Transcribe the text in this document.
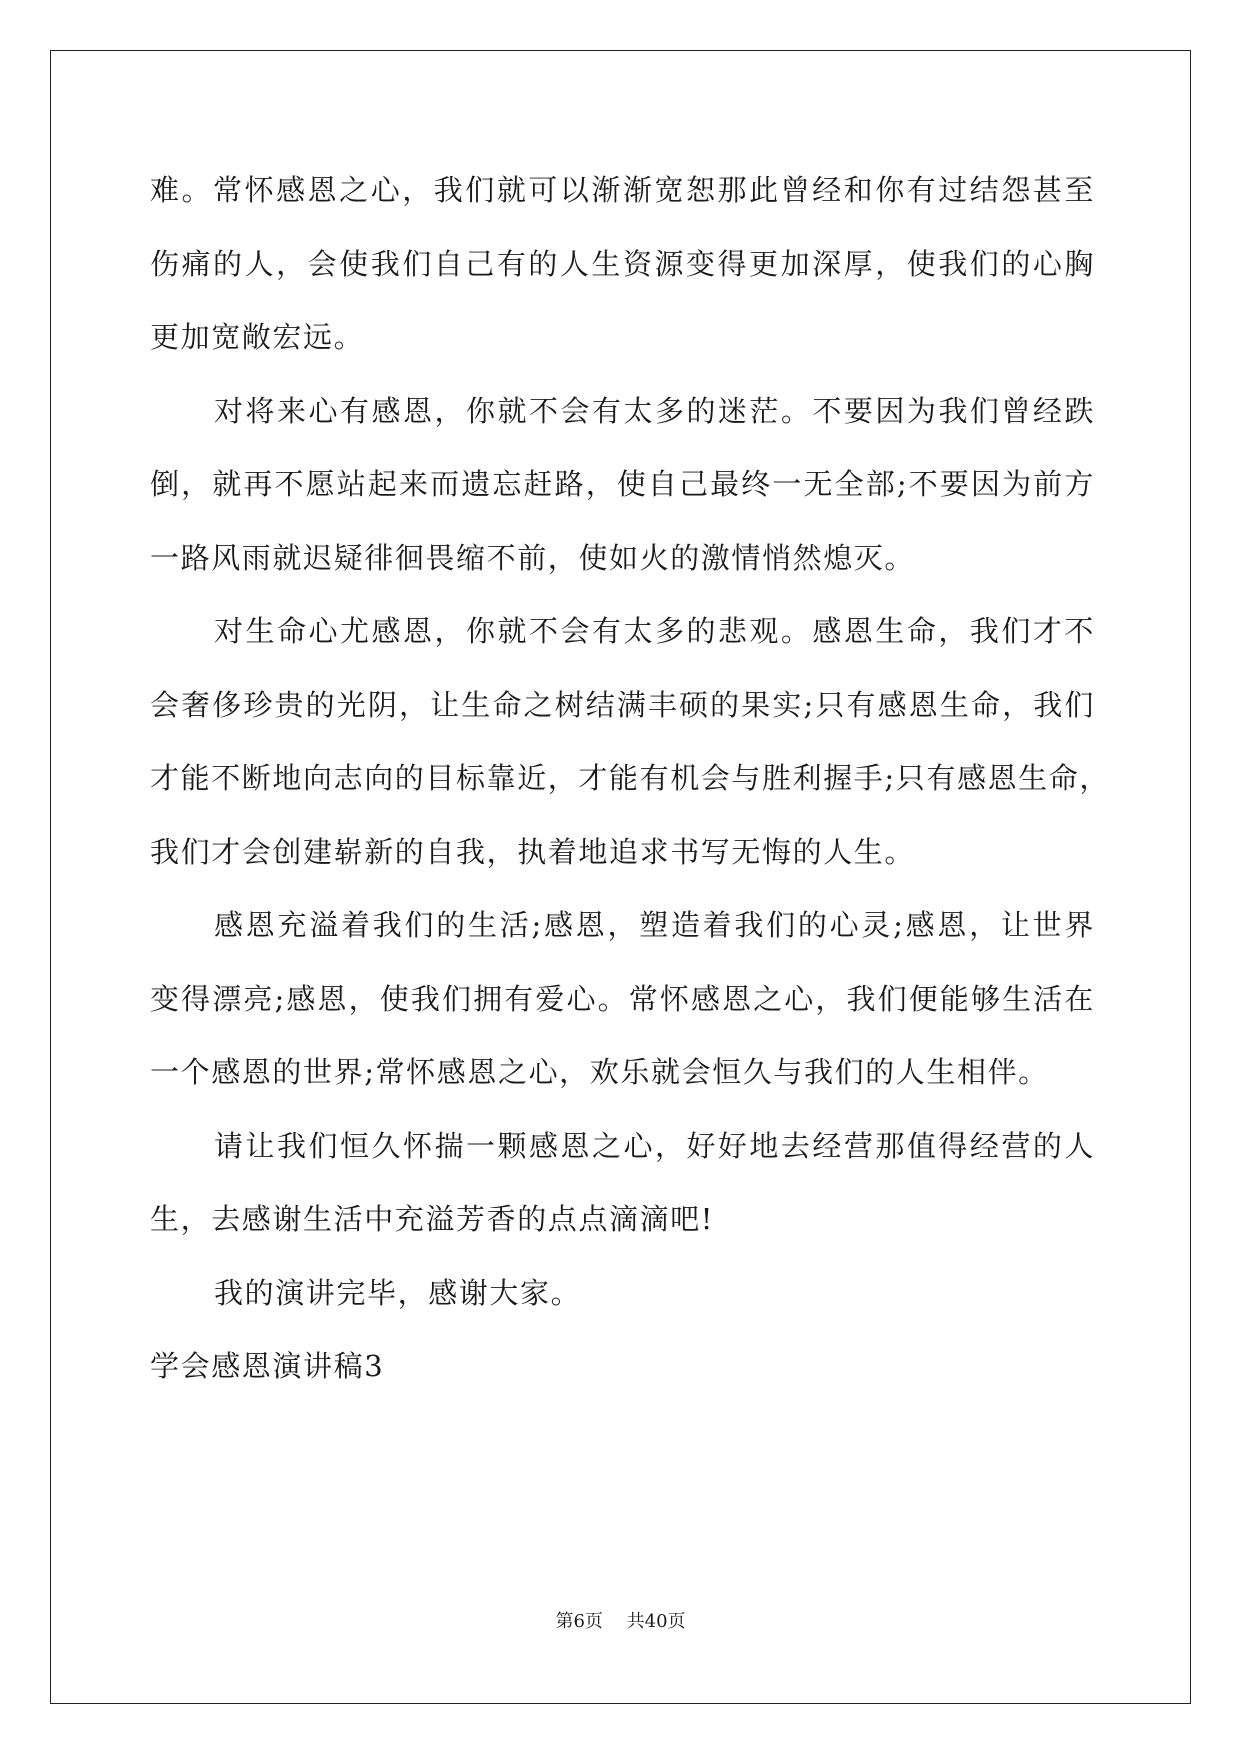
难。常怀感恩之心，我们就可以渐渐宽恕那此曾经和你有过结怨甚至
伤痛的人，会使我们自己有的人生资源变得更加深厚，使我们的心胸
更加宽敞宏远。
对将来心有感恩，你就不会有太多的迷茫。不要因为我们曾经跌
倒，就再不愿站起来而遗忘赶路，使自己最终一无全部;不要因为前方
一路风雨就迟疑徘徊畏缩不前，使如火的激情悄然熄灭。
对生命心尤感恩，你就不会有太多的悲观。感恩生命，我们才不
会奢侈珍贵的光阴，让生命之树结满丰硕的果实;只有感恩生命，我们
才能不断地向志向的目标靠近，才能有机会与胜利握手;只有感恩生命，
我们才会创建崭新的自我，执着地追求书写无悔的人生。
感恩充溢着我们的生活;感恩，塑造着我们的心灵;感恩，让世界
变得漂亮;感恩，使我们拥有爱心。常怀感恩之心，我们便能够生活在
一个感恩的世界;常怀感恩之心，欢乐就会恒久与我们的人生相伴。
请让我们恒久怀揣一颗感恩之心，好好地去经营那值得经营的人
生，去感谢生活中充溢芳香的点点滴滴吧!
我的演讲完毕，感谢大家。
学会感恩演讲稿3
第6页 共40页
